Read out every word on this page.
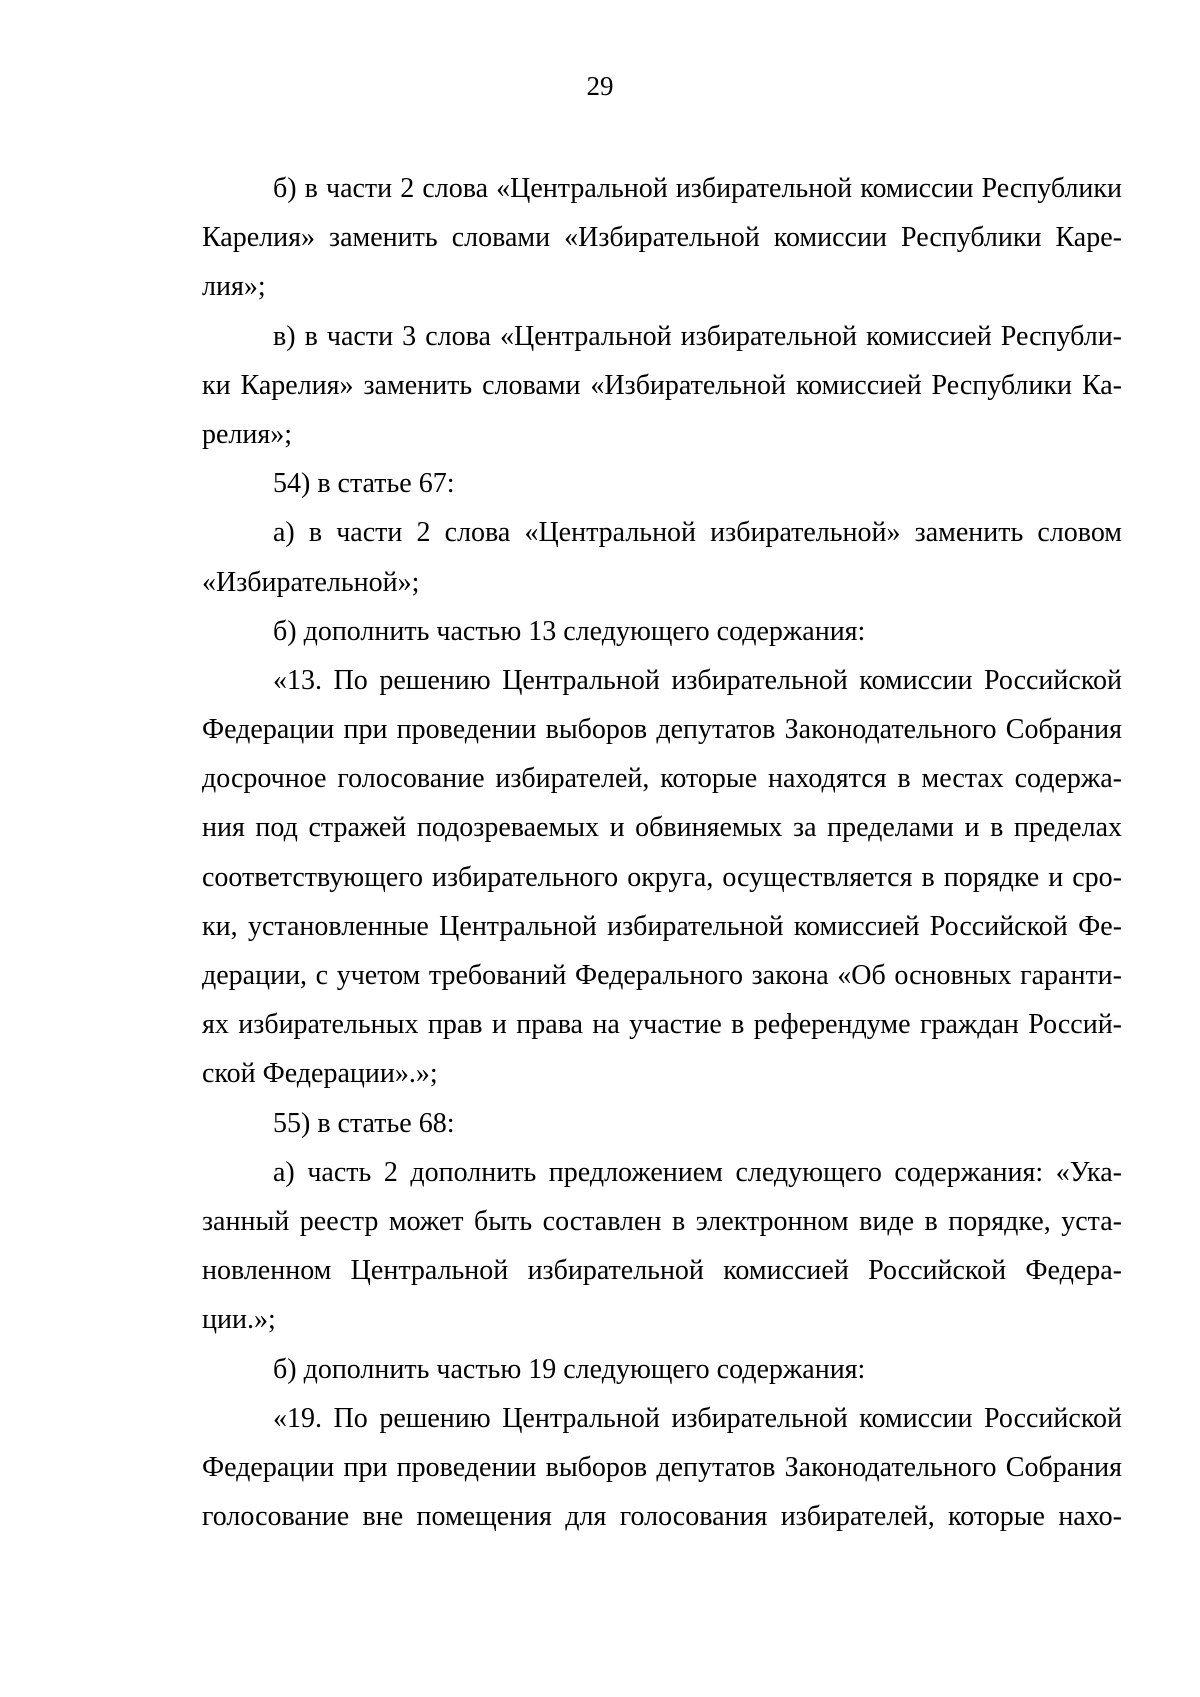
29
б) в части 2 слова «Центральной избирательной комиссии Республики
Карелия» заменить словами «Избирательной комиссии Республики Каре-
лия»;
в) в части 3 слова «Центральной избирательной комиссией Республи-
ки Карелия» заменить словами «Избирательной комиссией Республики Ка-
релия»;
54) в статье 67:
а) в части 2 слова «Центральной избирательной» заменить словом
«Избирательной»;
б) дополнить частью 13 следующего содержания:
«13. По решению Центральной избирательной комиссии Российской
Федерации при проведении выборов депутатов Законодательного Собрания
досрочное голосование избирателей, которые находятся в местах содержа-
ния под стражей подозреваемых и обвиняемых за пределами и в пределах
соответствующего избирательного округа, осуществляется в порядке и сро-
ки, установленные Центральной избирательной комиссией Российской Фе-
дерации, с учетом требований Федерального закона «Об основных гаранти-
ях избирательных прав и права на участие в референдуме граждан Россий-
ской Федерации».»;
55) в статье 68:
а) часть 2 дополнить предложением следующего содержания: «Ука-
занный реестр может быть составлен в электронном виде в порядке, уста-
новленном Центральной избирательной комиссией Российской Федера-
ции.»;
б) дополнить частью 19 следующего содержания:
«19. По решению Центральной избирательной комиссии Российской
Федерации при проведении выборов депутатов Законодательного Собрания
голосование вне помещения для голосования избирателей, которые нахо-
